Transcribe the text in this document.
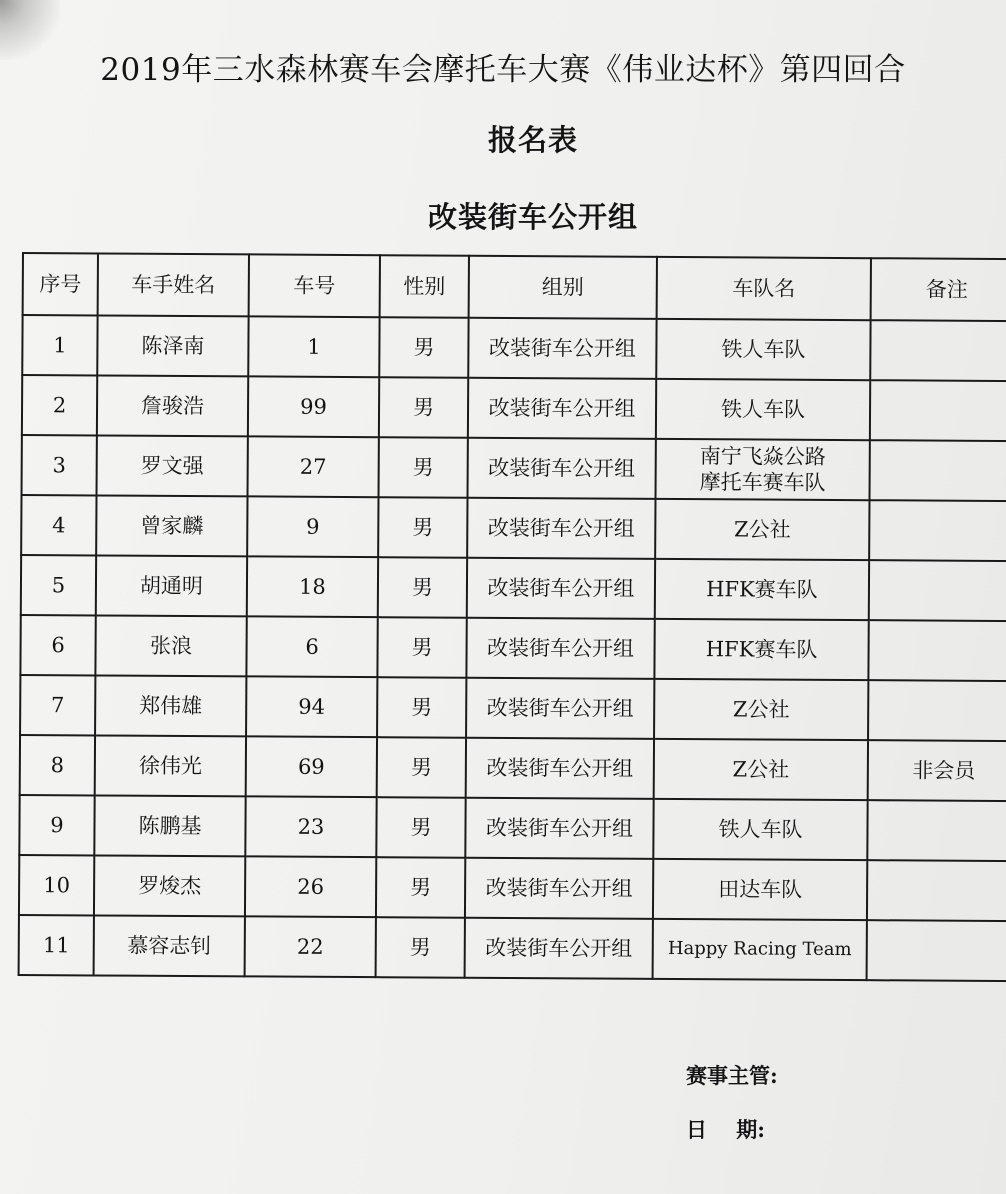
2019年三水森林赛车会摩托车大赛《伟业达杯》第四回合
报名表
改装街车公开组
序号	车手姓名	车号	性别	组别	车队名	备注
1	陈泽南	1	男	改装街车公开组	铁人车队	
2	詹骏浩	99	男	改装街车公开组	铁人车队	
3	罗文强	27	男	改装街车公开组	南宁飞焱公路
摩托车赛车队	

4	曾家麟	9	男	改装街车公开组	Z公社	
5	胡通明	18	男	改装街车公开组	HFK赛车队	
6	张浪	6	男	改装街车公开组	HFK赛车队	
7	郑伟雄	94	男	改装街车公开组	Z公社	
8	徐伟光	69	男	改装街车公开组	Z公社	非会员
9	陈鹏基	23	男	改装街车公开组	铁人车队	
10	罗焌杰	26	男	改装街车公开组	田达车队	
11	慕容志钊	22	男	改装街车公开组	Happy Racing Team	
赛事主管:
日    期:
